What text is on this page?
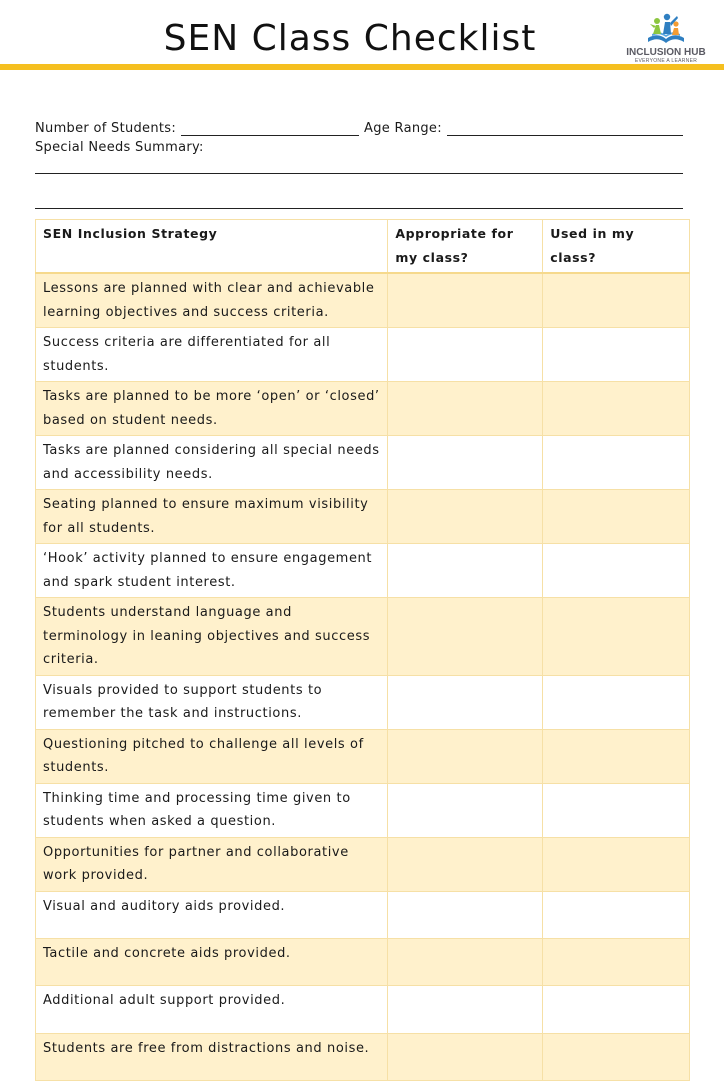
SEN Class Checklist	INCLUSION HUB
EVERYONE A LEARNER
Number of Students:	Age Range:
Special Needs Summary:
SEN Inclusion Strategy	Appropriate for my class?	Used in my class?
Lessons are planned with clear and achievable learning objectives and success criteria.		
Success criteria are differentiated for all students.		
Tasks are planned to be more ‘open’ or ‘closed’ based on student needs.		
Tasks are planned considering all special needs and accessibility needs.		
Seating planned to ensure maximum visibility for all students.		
‘Hook’ activity planned to ensure engagement and spark student interest.		
Students understand language and terminology in leaning objectives and success criteria.		
Visuals provided to support students to remember the task and instructions.		
Questioning pitched to challenge all levels of students.		
Thinking time and processing time given to students when asked a question.		
Opportunities for partner and collaborative work provided.		
Visual and auditory aids provided.		
Tactile and concrete aids provided.		
Additional adult support provided.		
Students are free from distractions and noise.		
